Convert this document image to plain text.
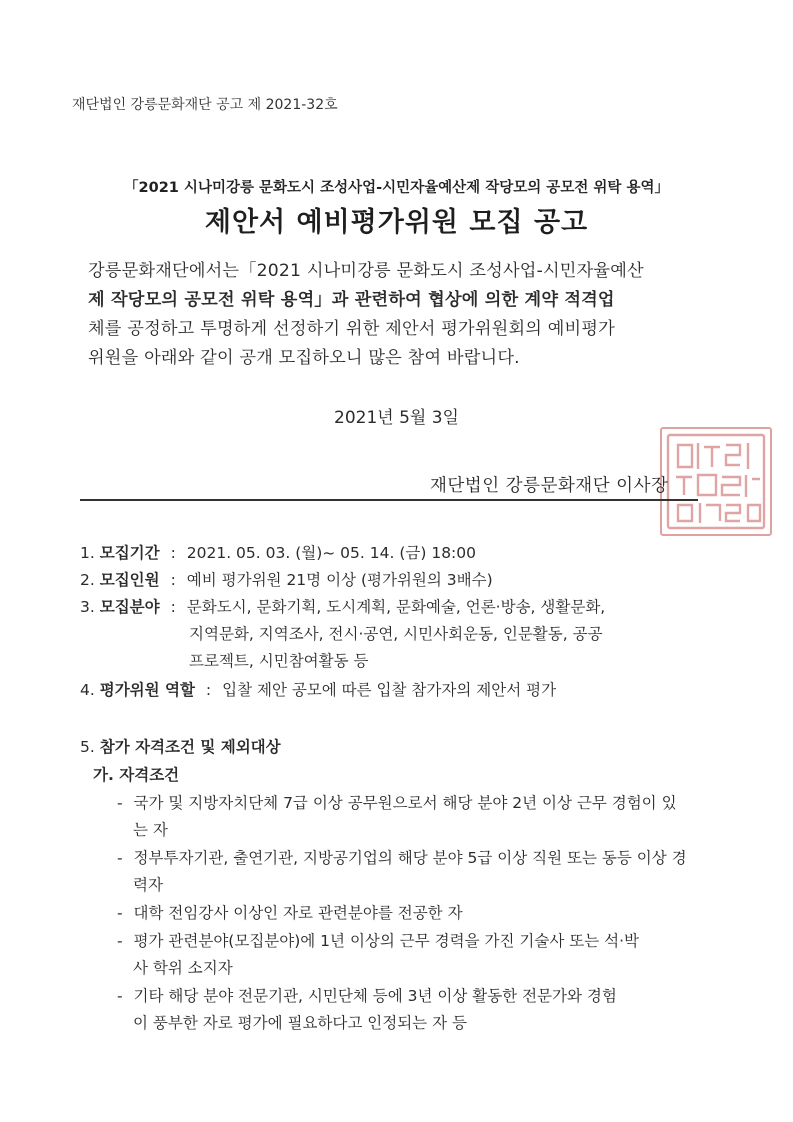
재단법인 강릉문화재단 공고 제 2021-32호
「2021 시나미강릉 문화도시 조성사업-시민자율예산제 작당모의 공모전 위탁 용역」
제안서 예비평가위원 모집 공고
강릉문화재단에서는「2021 시나미강릉 문화도시 조성사업-시민자율예산
제 작당모의 공모전 위탁 용역」과 관련하여 협상에 의한 계약 적격업
체를 공정하고 투명하게 선정하기 위한 제안서 평가위원회의 예비평가
위원을 아래와 같이 공개 모집하오니 많은 참여 바랍니다.
2021년 5월 3일
재단법인 강릉문화재단 이사장
1. 모집기간 : 2021. 05. 03. (월)~ 05. 14. (금) 18:00
2. 모집인원 : 예비 평가위원 21명 이상 (평가위원의 3배수)
3. 모집분야 : 문화도시, 문화기획, 도시계획, 문화예술, 언론·방송, 생활문화,
지역문화, 지역조사, 전시·공연, 시민사회운동, 인문활동, 공공
프로젝트, 시민참여활동 등
4. 평가위원 역할 : 입찰 제안 공모에 따른 입찰 참가자의 제안서 평가
5. 참가 자격조건 및 제외대상
가. 자격조건
- 국가 및 지방자치단체 7급 이상 공무원으로서 해당 분야 2년 이상 근무 경험이 있
는 자
- 정부투자기관, 출연기관, 지방공기업의 해당 분야 5급 이상 직원 또는 동등 이상 경
력자
- 대학 전임강사 이상인 자로 관련분야를 전공한 자
- 평가 관련분야(모집분야)에 1년 이상의 근무 경력을 가진 기술사 또는 석·박
사 학위 소지자
- 기타 해당 분야 전문기관, 시민단체 등에 3년 이상 활동한 전문가와 경험
이 풍부한 자로 평가에 필요하다고 인정되는 자 등
